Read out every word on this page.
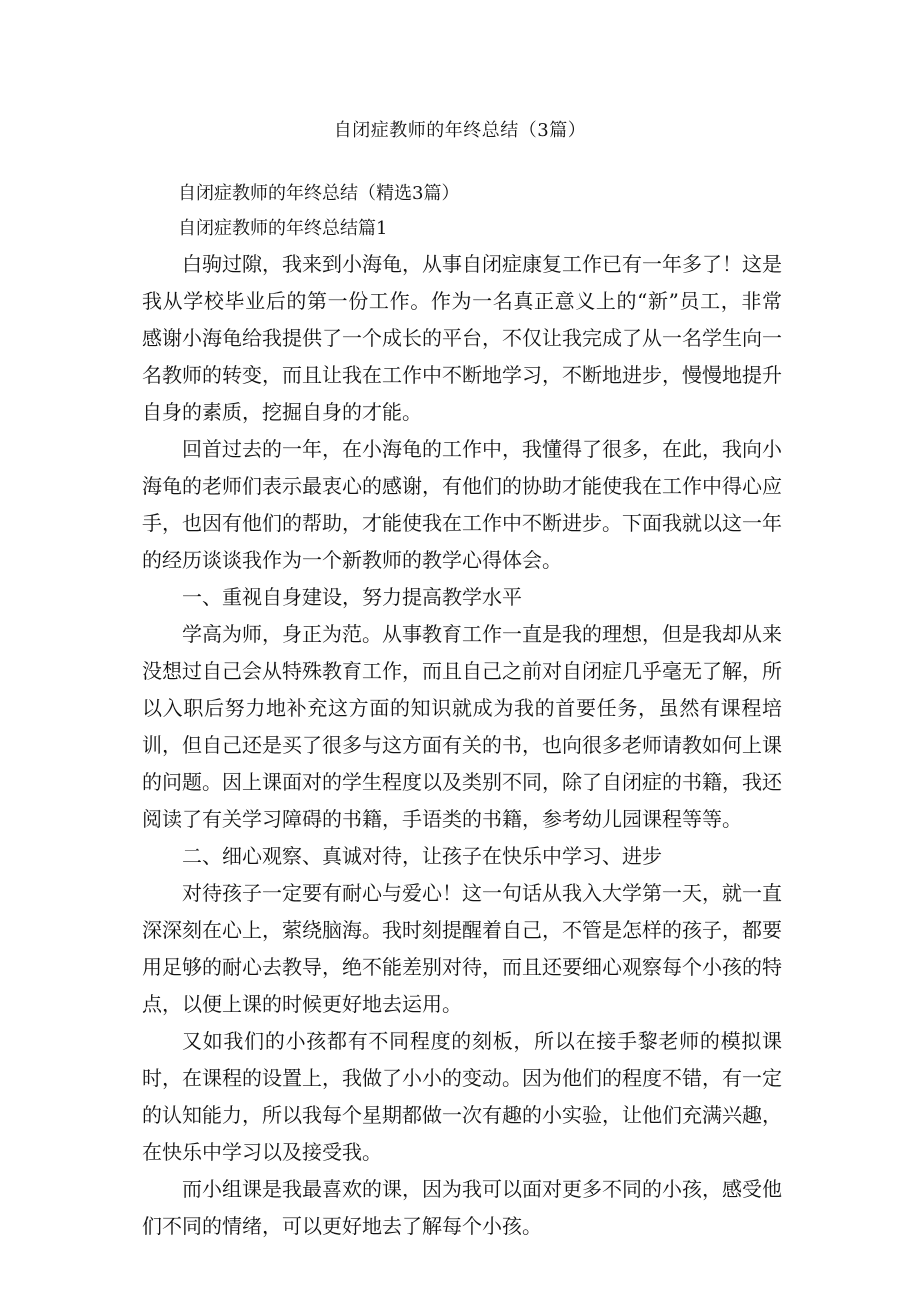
自闭症教师的年终总结（3篇）

自闭症教师的年终总结（精选3篇）

自闭症教师的年终总结篇1

白驹过隙，我来到小海龟，从事自闭症康复工作已有一年多了！这是我从学校毕业后的第一份工作。作为一名真正意义上的“新”员工，非常感谢小海龟给我提供了一个成长的平台，不仅让我完成了从一名学生向一名教师的转变，而且让我在工作中不断地学习，不断地进步，慢慢地提升自身的素质，挖掘自身的才能。

回首过去的一年，在小海龟的工作中，我懂得了很多，在此，我向小海龟的老师们表示最衷心的感谢，有他们的协助才能使我在工作中得心应手，也因有他们的帮助，才能使我在工作中不断进步。下面我就以这一年的经历谈谈我作为一个新教师的教学心得体会。

一、重视自身建设，努力提高教学水平

学高为师，身正为范。从事教育工作一直是我的理想，但是我却从来没想过自己会从特殊教育工作，而且自己之前对自闭症几乎毫无了解，所以入职后努力地补充这方面的知识就成为我的首要任务，虽然有课程培训，但自己还是买了很多与这方面有关的书，也向很多老师请教如何上课的问题。因上课面对的学生程度以及类别不同，除了自闭症的书籍，我还阅读了有关学习障碍的书籍，手语类的书籍，参考幼儿园课程等等。

二、细心观察、真诚对待，让孩子在快乐中学习、进步

对待孩子一定要有耐心与爱心！这一句话从我入大学第一天，就一直深深刻在心上，萦绕脑海。我时刻提醒着自己，不管是怎样的孩子，都要用足够的耐心去教导，绝不能差别对待，而且还要细心观察每个小孩的特点，以便上课的时候更好地去运用。

又如我们的小孩都有不同程度的刻板，所以在接手黎老师的模拟课时，在课程的设置上，我做了小小的变动。因为他们的程度不错，有一定的认知能力，所以我每个星期都做一次有趣的小实验，让他们充满兴趣，在快乐中学习以及接受我。

而小组课是我最喜欢的课，因为我可以面对更多不同的小孩，感受他们不同的情绪，可以更好地去了解每个小孩。
